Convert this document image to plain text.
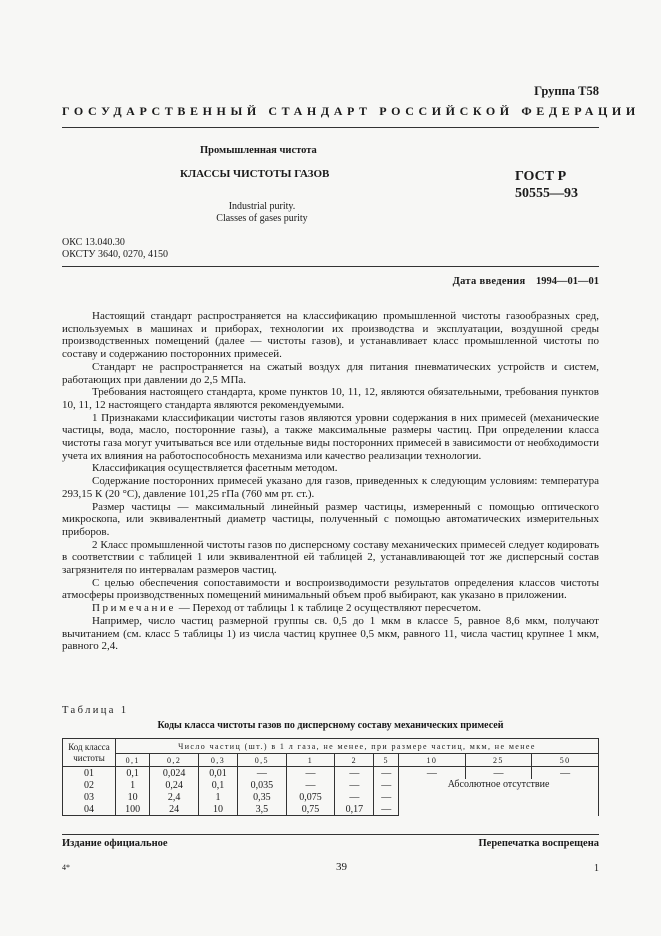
Группа Т58
ГОСУДАРСТВЕННЫЙ СТАНДАРТ РОССИЙСКОЙ ФЕДЕРАЦИИ
Промышленная чистота
КЛАССЫ ЧИСТОТЫ ГАЗОВ	ГОСТ Р
50555—93
Industrial purity.
Classes of gases purity
ОКС 13.040.30
ОКСТУ 3640, 0270, 4150
Дата введения 1994—01—01

Настоящий стандарт распространяется на классификацию промышленной чистоты газообразных сред, используемых в машинах и приборах, технологии их производства и эксплуатации, воздушной среды производственных помещений (далее — чистоты газов), и устанавливает класс промышленной чистоты по составу и содержанию посторонних примесей.

Стандарт не распространяется на сжатый воздух для питания пневматических устройств и систем, работающих при давлении до 2,5 МПа.

Требования настоящего стандарта, кроме пунктов 10, 11, 12, являются обязательными, требования пунктов 10, 11, 12 настоящего стандарта являются рекомендуемыми.

1 Признаками классификации чистоты газов являются уровни содержания в них примесей (механические частицы, вода, масло, посторонние газы), а также максимальные размеры частиц. При определении класса чистоты газа могут учитываться все или отдельные виды посторонних примесей в зависимости от необходимости учета их влияния на работоспособность механизма или качество реализации технологии.

Классификация осуществляется фасетным методом.

Содержание посторонних примесей указано для газов, приведенных к следующим условиям: температура 293,15 К (20 °С), давление 101,25 гПа (760 мм рт. ст.).

Размер частицы — максимальный линейный размер частицы, измеренный с помощью оптического микроскопа, или эквивалентный диаметр частицы, полученный с помощью автоматических измерительных приборов.

2 Класс промышленной чистоты газов по дисперсному составу механических примесей следует кодировать в соответствии с таблицей 1 или эквивалентной ей таблицей 2, устанавливающей тот же дисперсный состав загрязнителя по интервалам размеров частиц.

С целью обеспечения сопоставимости и воспроизводимости результатов определения классов чистоты атмосферы производственных помещений минимальный объем проб выбирают, как указано в приложении.

Примечание — Переход от таблицы 1 к таблице 2 осуществляют пересчетом.

Например, число частиц размерной группы св. 0,5 до 1 мкм в классе 5, равное 8,6 мкм, получают вычитанием (см. класс 5 таблицы 1) из числа частиц крупнее 0,5 мкм, равного 11, числа частиц крупнее 1 мкм, равного 2,4.

Таблица 1
Коды класса чистоты газов по дисперсному составу механических примесей
Код класса чистоты	Число частиц (шт.) в 1 л газа, не менее, при размере частиц, мкм, не менее									
	0,1	0,2	0,3	0,5	1	2	5	10	25	50
01	0,1	0,024	0,01	—	—	—	—	—	—	—
02	1	0,24	0,1	0,035	—	—	—	Абсолютное отсутствие		
03	10	2,4	1	0,35	0,075	—	—			
04	100	24	10	3,5	0,75	0,17	—			
Издание официальное	Перепечатка воспрещена
4*	39	1
